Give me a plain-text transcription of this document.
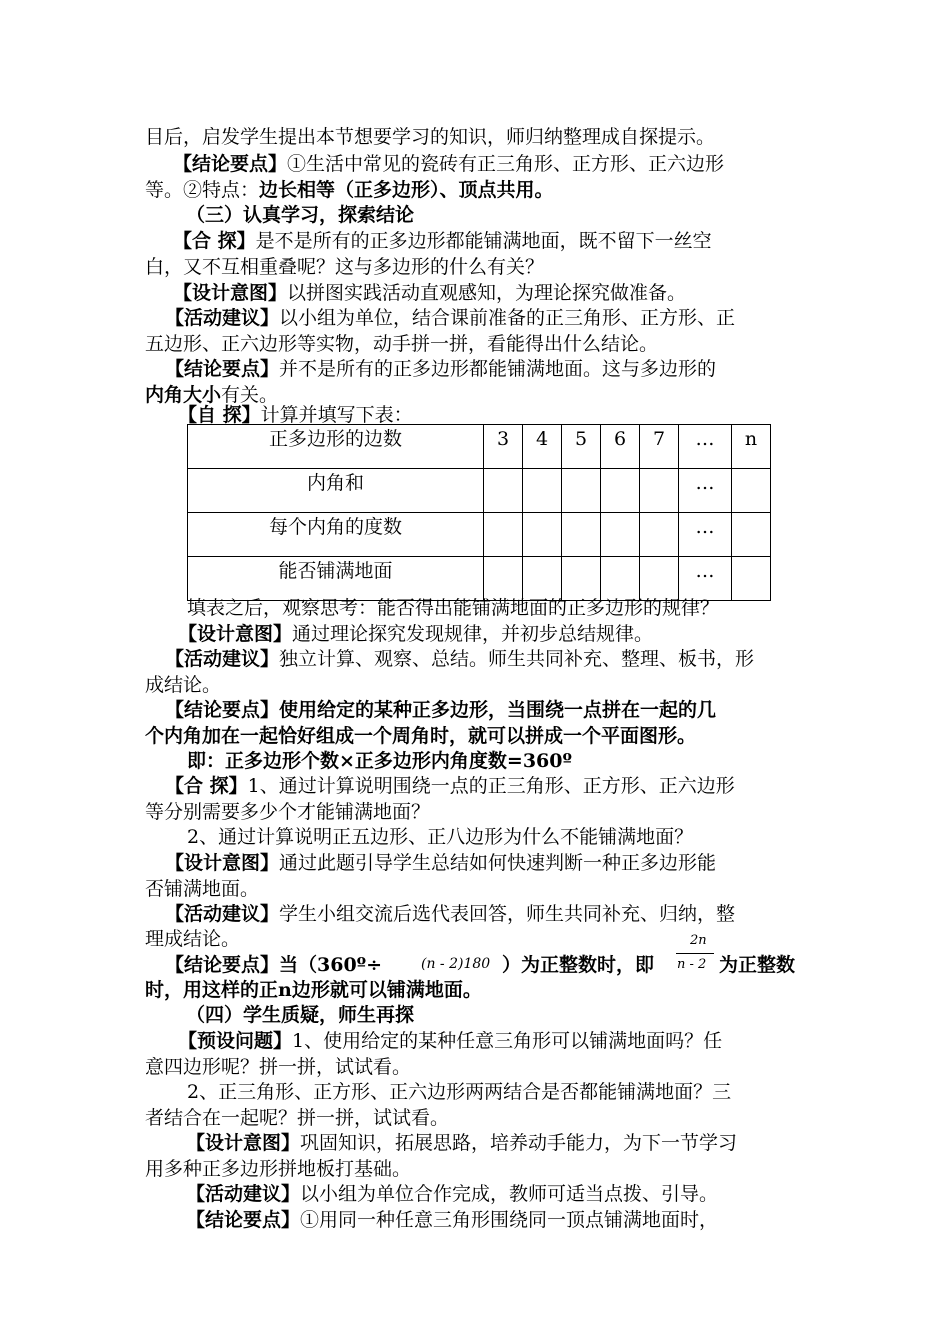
目后，启发学生提出本节想要学习的知识，师归纳整理成自探提示。
【结论要点】①生活中常见的瓷砖有正三角形、正方形、正六边形
等。②特点：边长相等（正多边形）、顶点共用。
（三）认真学习，探索结论
【合 探】是不是所有的正多边形都能铺满地面，既不留下一丝空
白，又不互相重叠呢？这与多边形的什么有关？
【设计意图】以拼图实践活动直观感知，为理论探究做准备。
【活动建议】以小组为单位，结合课前准备的正三角形、正方形、正
五边形、正六边形等实物，动手拼一拼，看能得出什么结论。
【结论要点】并不是所有的正多边形都能铺满地面。这与多边形的
内角大小有关。
【自 探】计算并填写下表：
正多边形的边数	3	4	5	6	7	…	n
内角和						…	
每个内角的度数						…	
能否铺满地面						…	
填表之后，观察思考：能否得出能铺满地面的正多边形的规律？
【设计意图】通过理论探究发现规律，并初步总结规律。
【活动建议】独立计算、观察、总结。师生共同补充、整理、板书，形
成结论。
【结论要点】使用给定的某种正多边形，当围绕一点拼在一起的几
个内角加在一起恰好组成一个周角时，就可以拼成一个平面图形。
即：正多边形个数×正多边形内角度数=360º
【合 探】1、通过计算说明围绕一点的正三角形、正方形、正六边形
等分别需要多少个才能铺满地面？
2、通过计算说明正五边形、正八边形为什么不能铺满地面？
【设计意图】通过此题引导学生总结如何快速判断一种正多边形能
否铺满地面。
【活动建议】学生小组交流后选代表回答，师生共同补充、归纳，整
理成结论。
【结论要点】当（360º÷	(n - 2)180 ）为正整数时，即
2n
n - 2 为正整数
时，用这样的正n边形就可以铺满地面。
（四）学生质疑，师生再探
【预设问题】1、使用给定的某种任意三角形可以铺满地面吗？任
意四边形呢？拼一拼，试试看。
2、正三角形、正方形、正六边形两两结合是否都能铺满地面？三
者结合在一起呢？拼一拼，试试看。
【设计意图】巩固知识，拓展思路，培养动手能力，为下一节学习
用多种正多边形拼地板打基础。
【活动建议】以小组为单位合作完成，教师可适当点拨、引导。
【结论要点】①用同一种任意三角形围绕同一顶点铺满地面时，
